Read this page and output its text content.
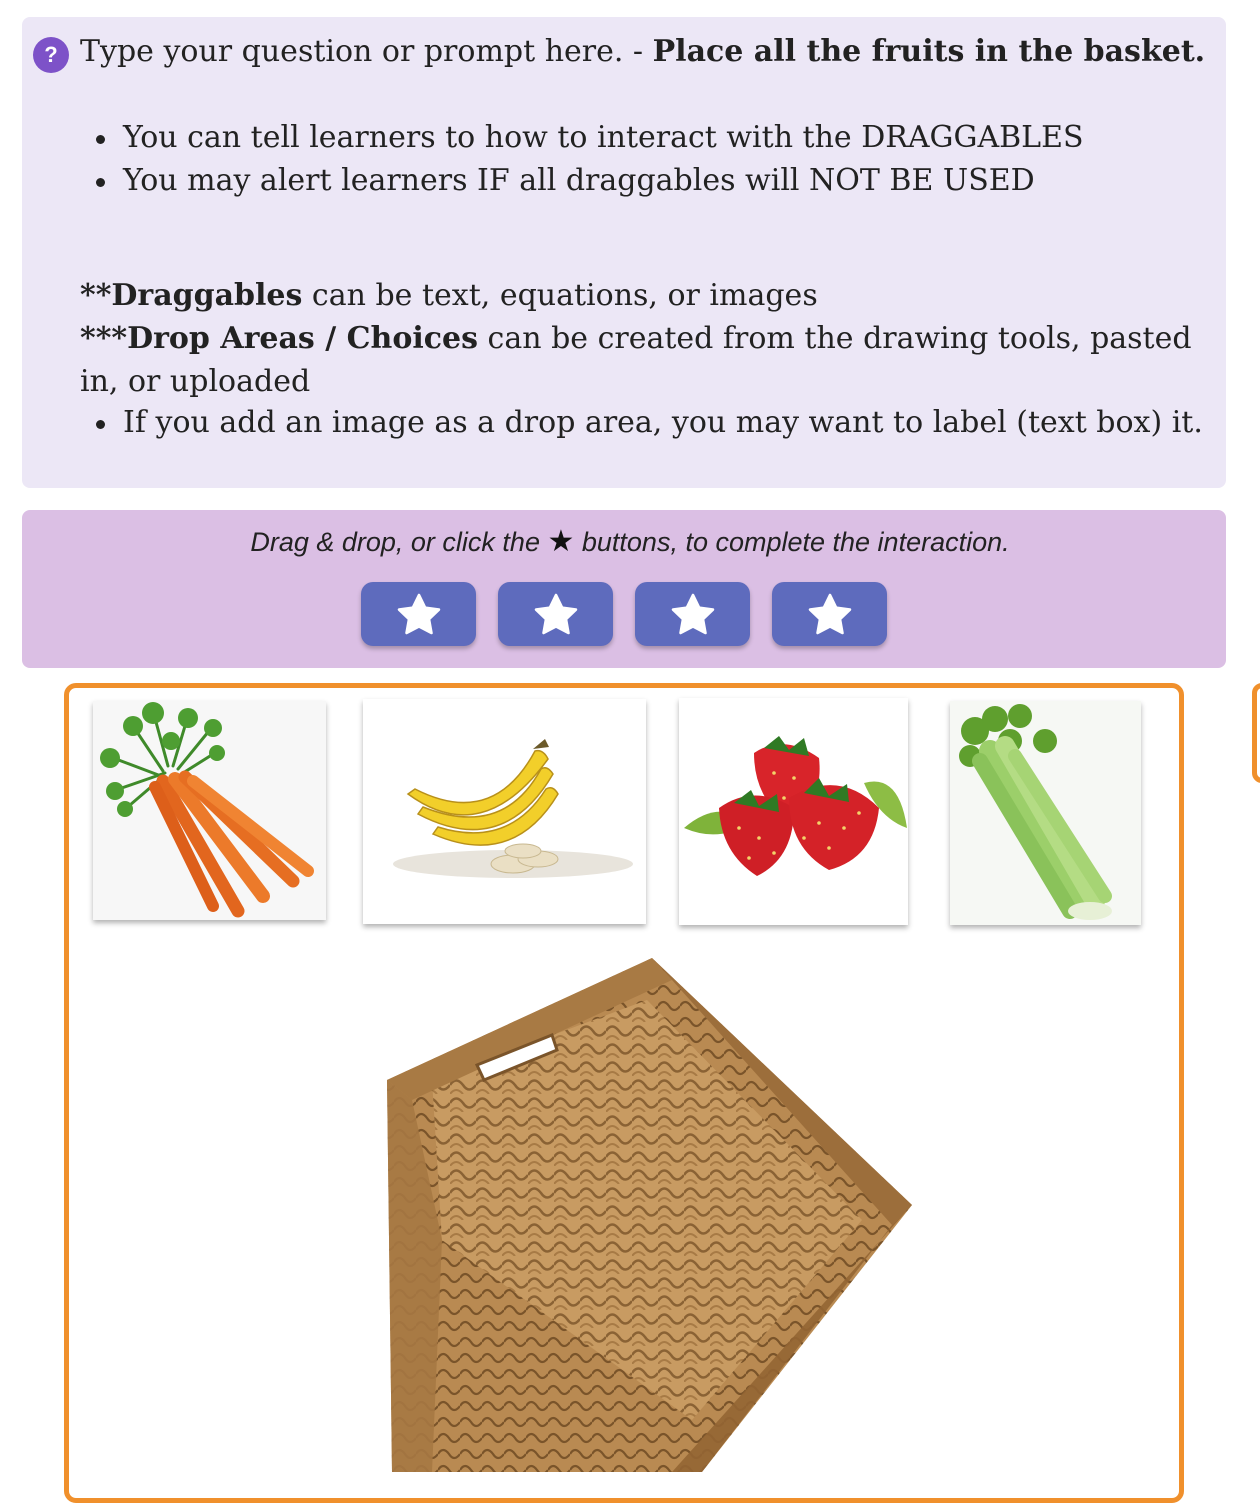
? Type your question or prompt here. - Place all the fruits in the basket.
You can tell learners to how to interact with the DRAGGABLES
You may alert learners IF all draggables will NOT BE USED
**Draggables can be text, equations, or images
***Drop Areas / Choices can be created from the drawing tools, pasted in, or uploaded
If you add an image as a drop area, you may want to label (text box) it.
Drag & drop, or click the ★ buttons, to complete the interaction.
